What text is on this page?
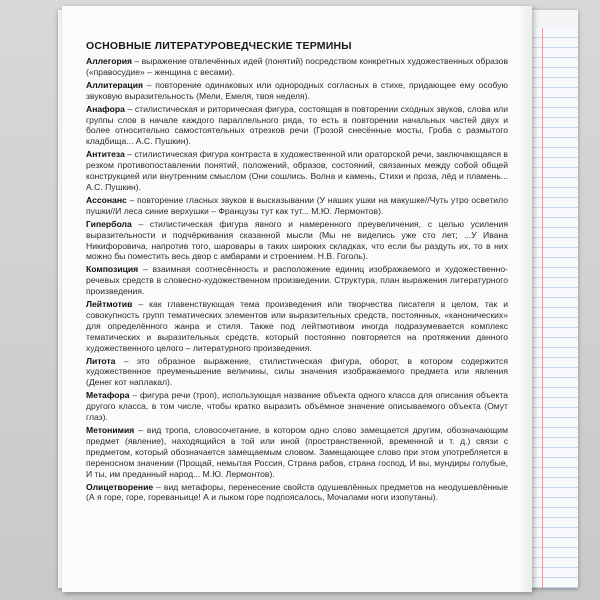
ОСНОВНЫЕ ЛИТЕРАТУРОВЕДЧЕСКИЕ ТЕРМИНЫ

Аллегория – выражение отвлечённых идей (понятий) посредством конкретных художественных образов («правосудие» – женщина с весами).

Аллитерация – повторение одинаковых или однородных согласных в стихе, придающее ему особую звуковую выразительность (Мели, Емеля, твоя неделя).

Анафора – стилистическая и риторическая фигура, состоящая в повторении сходных звуков, слова или группы слов в начале каждого параллельного ряда, то есть в повторении начальных частей двух и более относительно самостоятельных отрезков речи (Грозой снесённые мосты, Гроба с размытого кладбища... А.С. Пушкин).

Антитеза – стилистическая фигура контраста в художественной или ораторской речи, заключающаяся в резком противопоставлении понятий, положений, образов, состояний, связанных между собой общей конструкцией или внутренним смыслом (Они сошлись. Волна и камень, Стихи и проза, лёд и пламень... А.С. Пушкин).

Ассонанс – повторение гласных звуков в высказывании (У наших ушки на макушке//Чуть утро осветило пушки//И леса синие верхушки – Французы тут как тут... М.Ю. Лермонтов).

Гипербола – стилистическая фигура явного и намеренного преувеличения, с целью усиления выразительности и подчёркивания сказанной мысли (Мы не виделись уже сто лет; ...У Ивана Никифоровича, напротив того, шаровары в таких широких складках, что если бы раздуть их, то в них можно бы поместить весь двор с амбарами и строением. Н.В. Гоголь).

Композиция – взаимная соотнесённость и расположение единиц изображаемого и художественно-речевых средств в словесно-художественном произведении. Структура, план выражения литературного произведения.

Лейтмотив – как главенствующая тема произведения или творчества писателя в целом, так и совокупность групп тематических элементов или выразительных средств, постоянных, «канонических» для определённого жанра и стиля. Также под лейтмотивом иногда подразумевается комплекс тематических и выразительных средств, который постоянно повторяется на протяжении данного художественного целого – литературного произведения.

Литота – это образное выражение, стилистическая фигура, оборот, в котором содержится художественное преуменьшение величины, силы значения изображаемого предмета или явления (Денег кот наплакал).

Метафора – фигура речи (троп), использующая название объекта одного класса для описания объекта другого класса, в том числе, чтобы кратко выразить объёмное значение описываемого объекта (Омут глаз).

Метонимия – вид тропа, словосочетание, в котором одно слово замещается другим, обозначающим предмет (явление), находящийся в той или иной (пространственной, временной и т. д.) связи с предметом, который обозначается замещаемым словом. Замещающее слово при этом употребляется в переносном значении (Прощай, немытая Россия, Страна рабов, страна господ, И вы, мундиры голубые, И ты, им преданный народ... М.Ю. Лермонтов).

Олицетворение – вид метафоры, перенесение свойств одушевлённых предметов на неодушевлённые (А я горе, горе, гореваньице! А и лыком горе подпоясалось, Мочалами ноги изопутаны).
